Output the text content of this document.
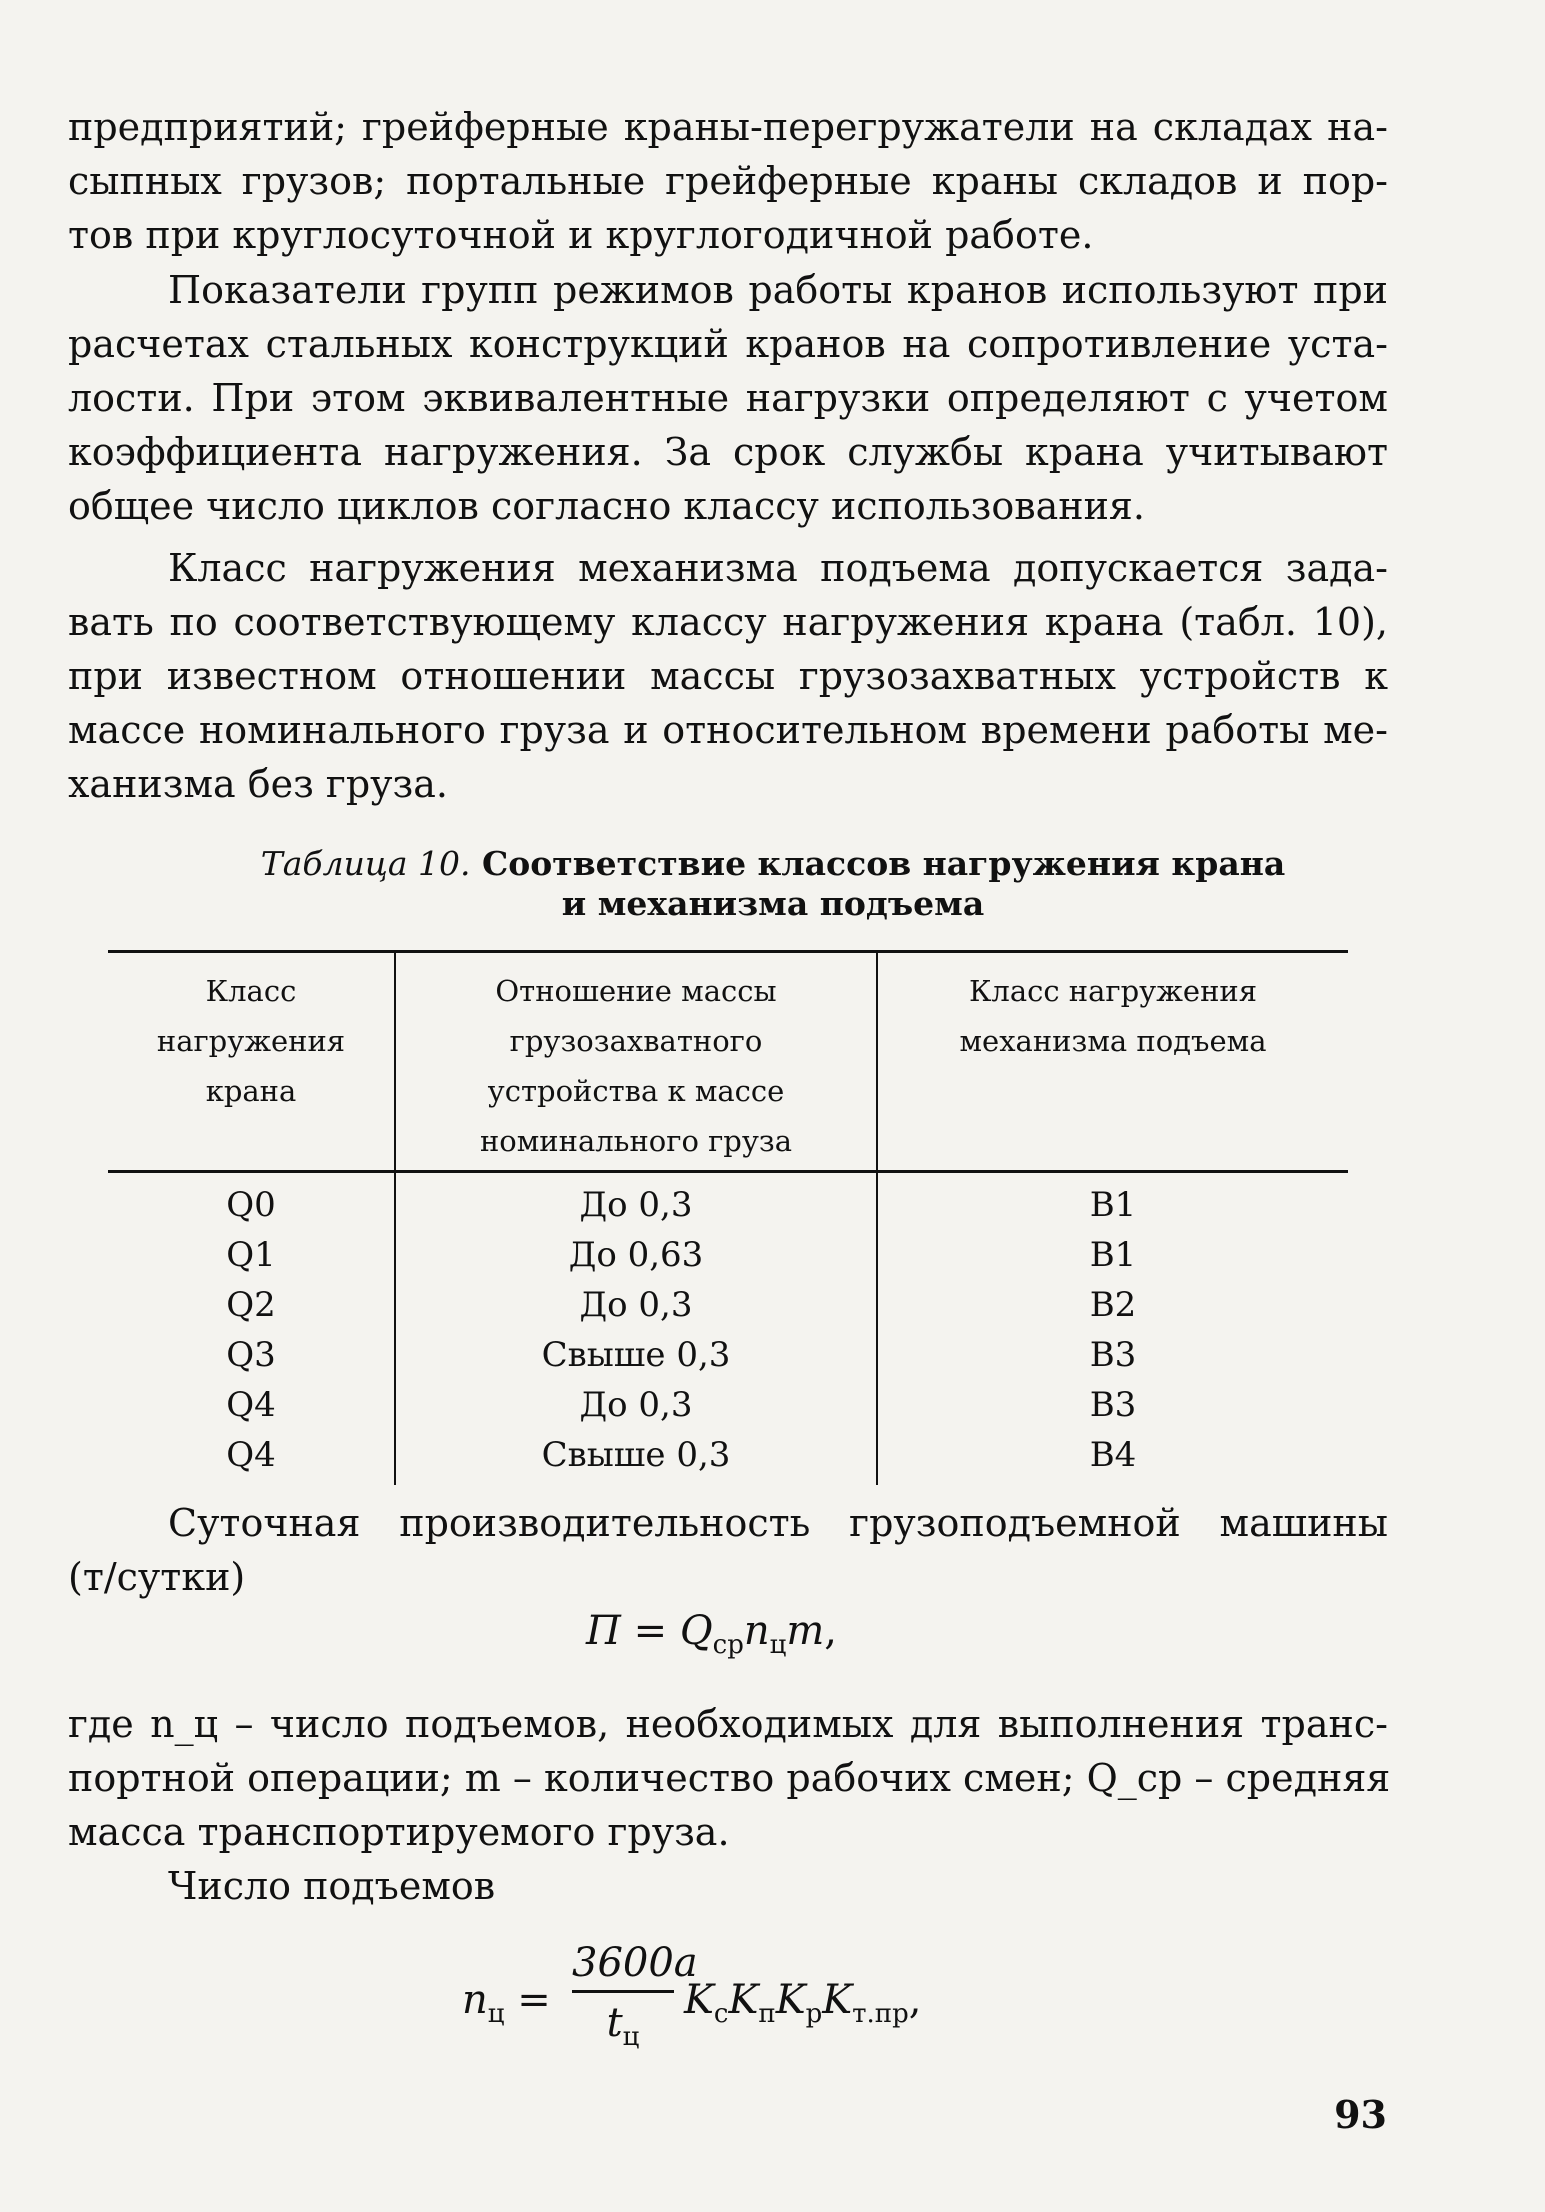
предприятий; грейферные краны-перегружатели на складах на-
сыпных грузов; портальные грейферные краны складов и пор-
тов при круглосуточной и круглогодичной работе.

Показатели групп режимов работы кранов используют при
расчетах стальных конструкций кранов на сопротивление уста-
лости. При этом эквивалентные нагрузки определяют с учетом
коэффициента нагружения. За срок службы крана учитывают
общее число циклов согласно классу использования.

Класс нагружения механизма подъема допускается зада-
вать по соответствующему классу нагружения крана (табл. 10),
при известном отношении массы грузозахватных устройств к
массе номинального груза и относительном времени работы ме-
ханизма без груза.

Таблица 10. Соответствие классов нагружения крана
и механизма подъема
Класс
нагружения
крана
Отношение массы
грузозахватного
устройства к массе
номинального груза
Класс нагружения
механизма подъема
Q0
Q1
Q2
Q3
Q4
Q4
До 0,3
До 0,63
До 0,3
Свыше 0,3
До 0,3
Свыше 0,3
B1
B1
B2
B3
B3
B4

Суточная производительность грузоподъемной машины
(т/сутки)

$П = Q_{ср}n_цm$,

где n_ц – число подъемов, необходимых для выполнения транс-
портной операции; m – количество рабочих смен; Q_ср – средняя
масса транспортируемого груза.

Число подъемов

$n_ц$ =
3600a
$t_ц$
$K_сK_пK_рK_{т.пр}$,
93
